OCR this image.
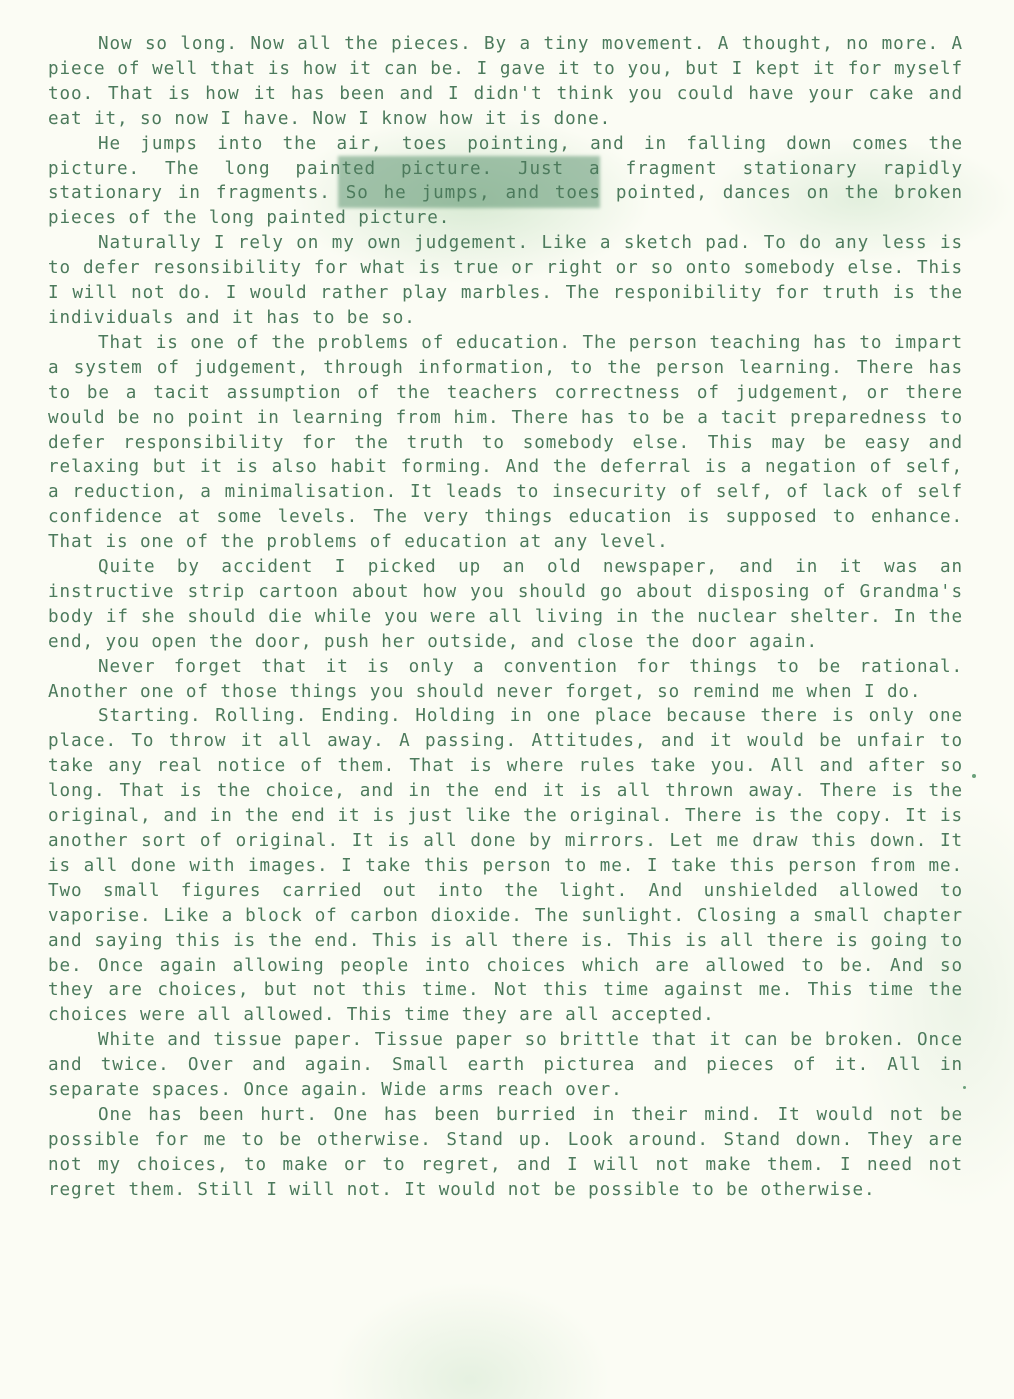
Now so long. Now all the pieces. By a tiny movement. A thought, no more. A piece of well that is how it can be. I gave it to you, but I kept it for myself too. That is how it has been and I didn't think you could have your cake and eat it, so now I have. Now I know how it is done.

He jumps into the air, toes pointing, and in falling down comes the picture. The long painted picture. Just a fragment stationary rapidly stationary in fragments. So he jumps, and toes pointed, dances on the broken pieces of the long painted picture.

Naturally I rely on my own judgement. Like a sketch pad. To do any less is to defer resonsibility for what is true or right or so onto somebody else. This I will not do. I would rather play marbles. The responibility for truth is the individuals and it has to be so.

That is one of the problems of education. The person teaching has to impart a system of judgement, through information, to the person learning. There has to be a tacit assumption of the teachers correctness of judgement, or there would be no point in learning from him. There has to be a tacit preparedness to defer responsibility for the truth to somebody else. This may be easy and relaxing but it is also habit forming. And the deferral is a negation of self, a reduction, a minimalisation. It leads to insecurity of self, of lack of self confidence at some levels. The very things education is supposed to enhance. That is one of the problems of education at any level.

Quite by accident I picked up an old newspaper, and in it was an instructive strip cartoon about how you should go about disposing of Grandma's body if she should die while you were all living in the nuclear shelter. In the end, you open the door, push her outside, and close the door again.

Never forget that it is only a convention for things to be rational. Another one of those things you should never forget, so remind me when I do.

Starting. Rolling. Ending. Holding in one place because there is only one place. To throw it all away. A passing. Attitudes, and it would be unfair to take any real notice of them. That is where rules take you. All and after so long. That is the choice, and in the end it is all thrown away. There is the original, and in the end it is just like the original. There is the copy. It is another sort of original. It is all done by mirrors. Let me draw this down. It is all done with images. I take this person to me. I take this person from me. Two small figures carried out into the light. And unshielded allowed to vaporise. Like a block of carbon dioxide. The sunlight. Closing a small chapter and saying this is the end. This is all there is. This is all there is going to be. Once again allowing people into choices which are allowed to be. And so they are choices, but not this time. Not this time against me. This time the choices were all allowed. This time they are all accepted.

White and tissue paper. Tissue paper so brittle that it can be broken. Once and twice. Over and again. Small earth picturea and pieces of it. All in separate spaces. Once again. Wide arms reach over.

One has been hurt. One has been burried in their mind. It would not be possible for me to be otherwise. Stand up. Look around. Stand down. They are not my choices, to make or to regret, and I will not make them. I need not regret them. Still I will not. It would not be possible to be otherwise.
